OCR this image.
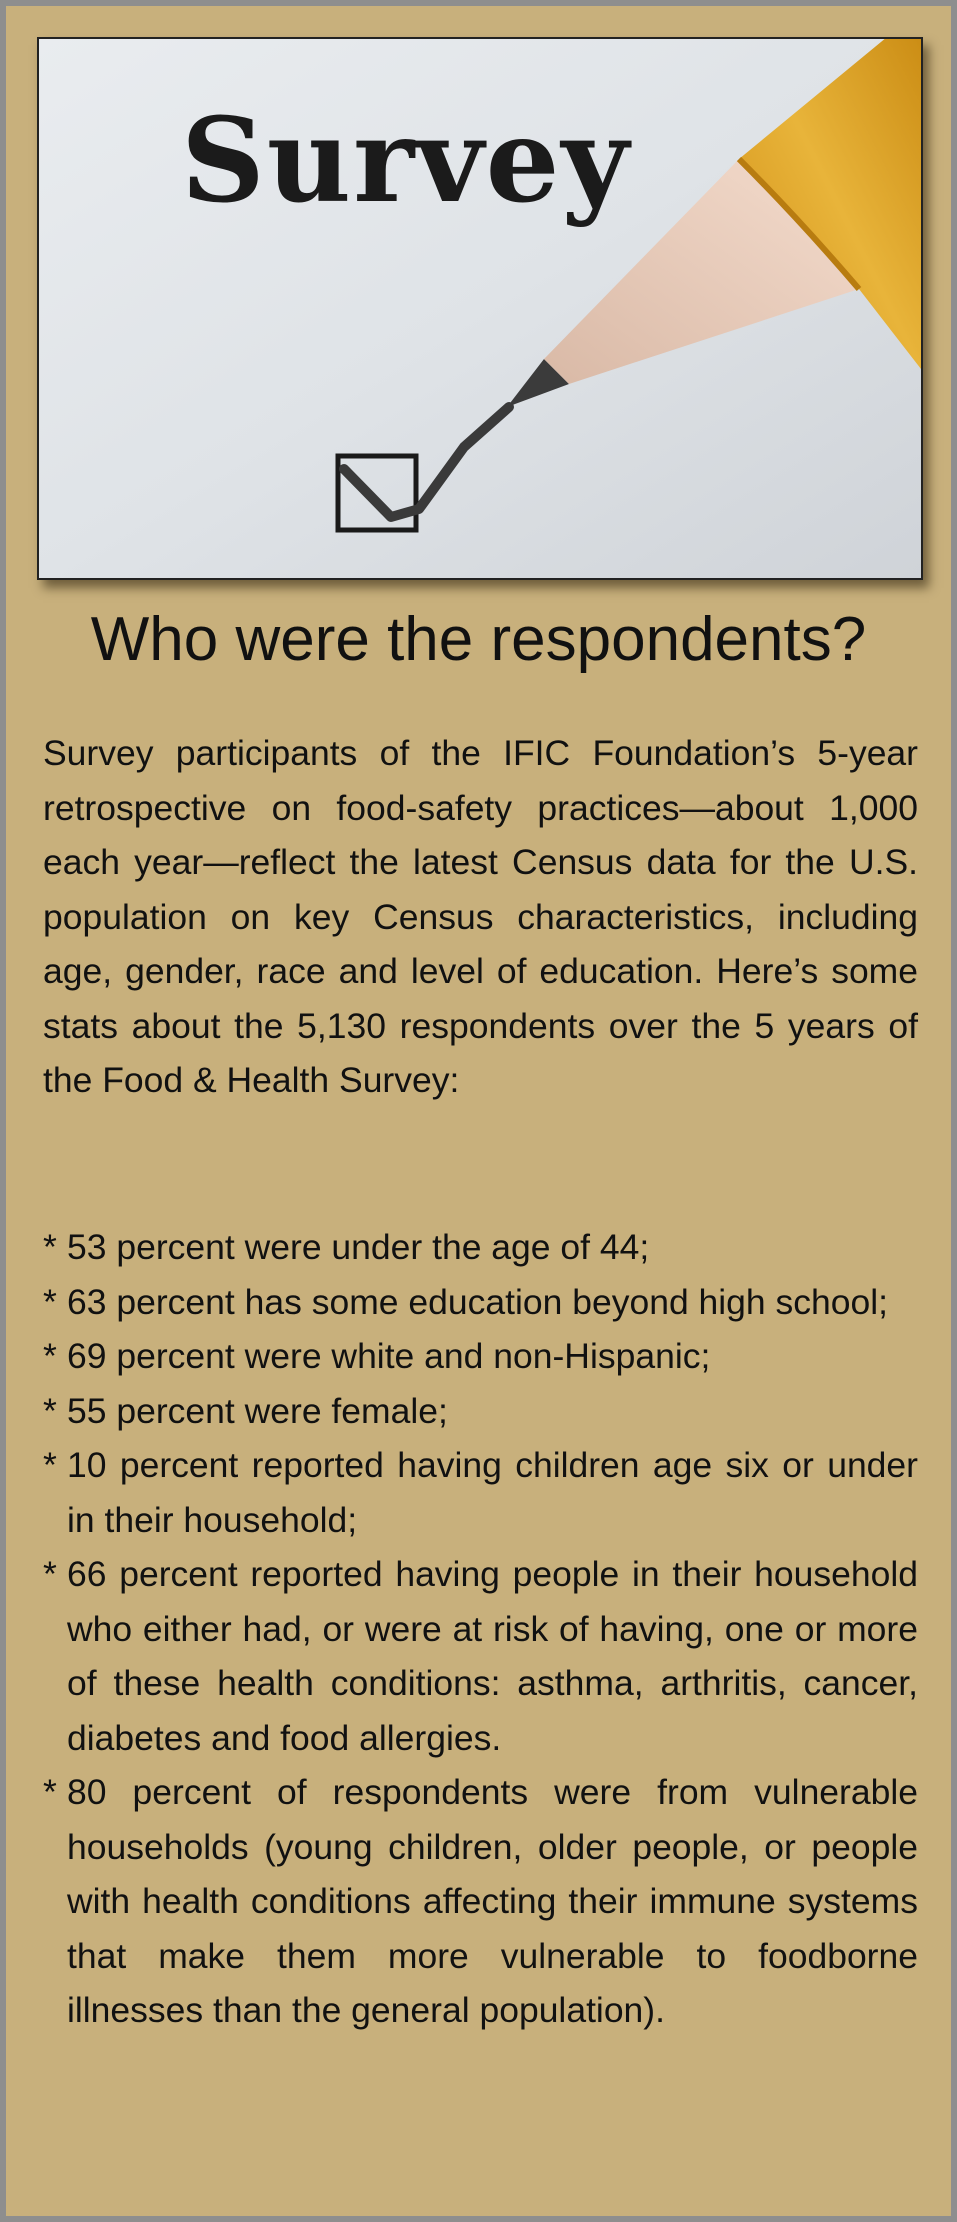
Survey
Who were the respondents?
Survey participants of the IFIC Foundation’s 5-year retrospective on food-safety practices—about 1,000 each year—reflect the latest Census data for the U.S. population on key Census characteristics, including age, gender, race and level of education. Here’s some stats about the 5,130 respondents over the 5 years of the Food & Health Survey:
* 53 percent were under the age of 44;
* 63 percent has some education beyond high school;
* 69 percent were white and non-Hispanic;
* 55 percent were female;
* 10 percent reported having children age six or under in their household;
* 66 percent reported having people in their household who either had, or were at risk of having, one or more of these health conditions: asthma, arthritis, cancer, diabetes and food allergies.
* 80 percent of respondents were from vulnerable households (young children, older people, or people with health conditions affecting their immune systems that make them more vulnerable to foodborne illnesses than the general population).
